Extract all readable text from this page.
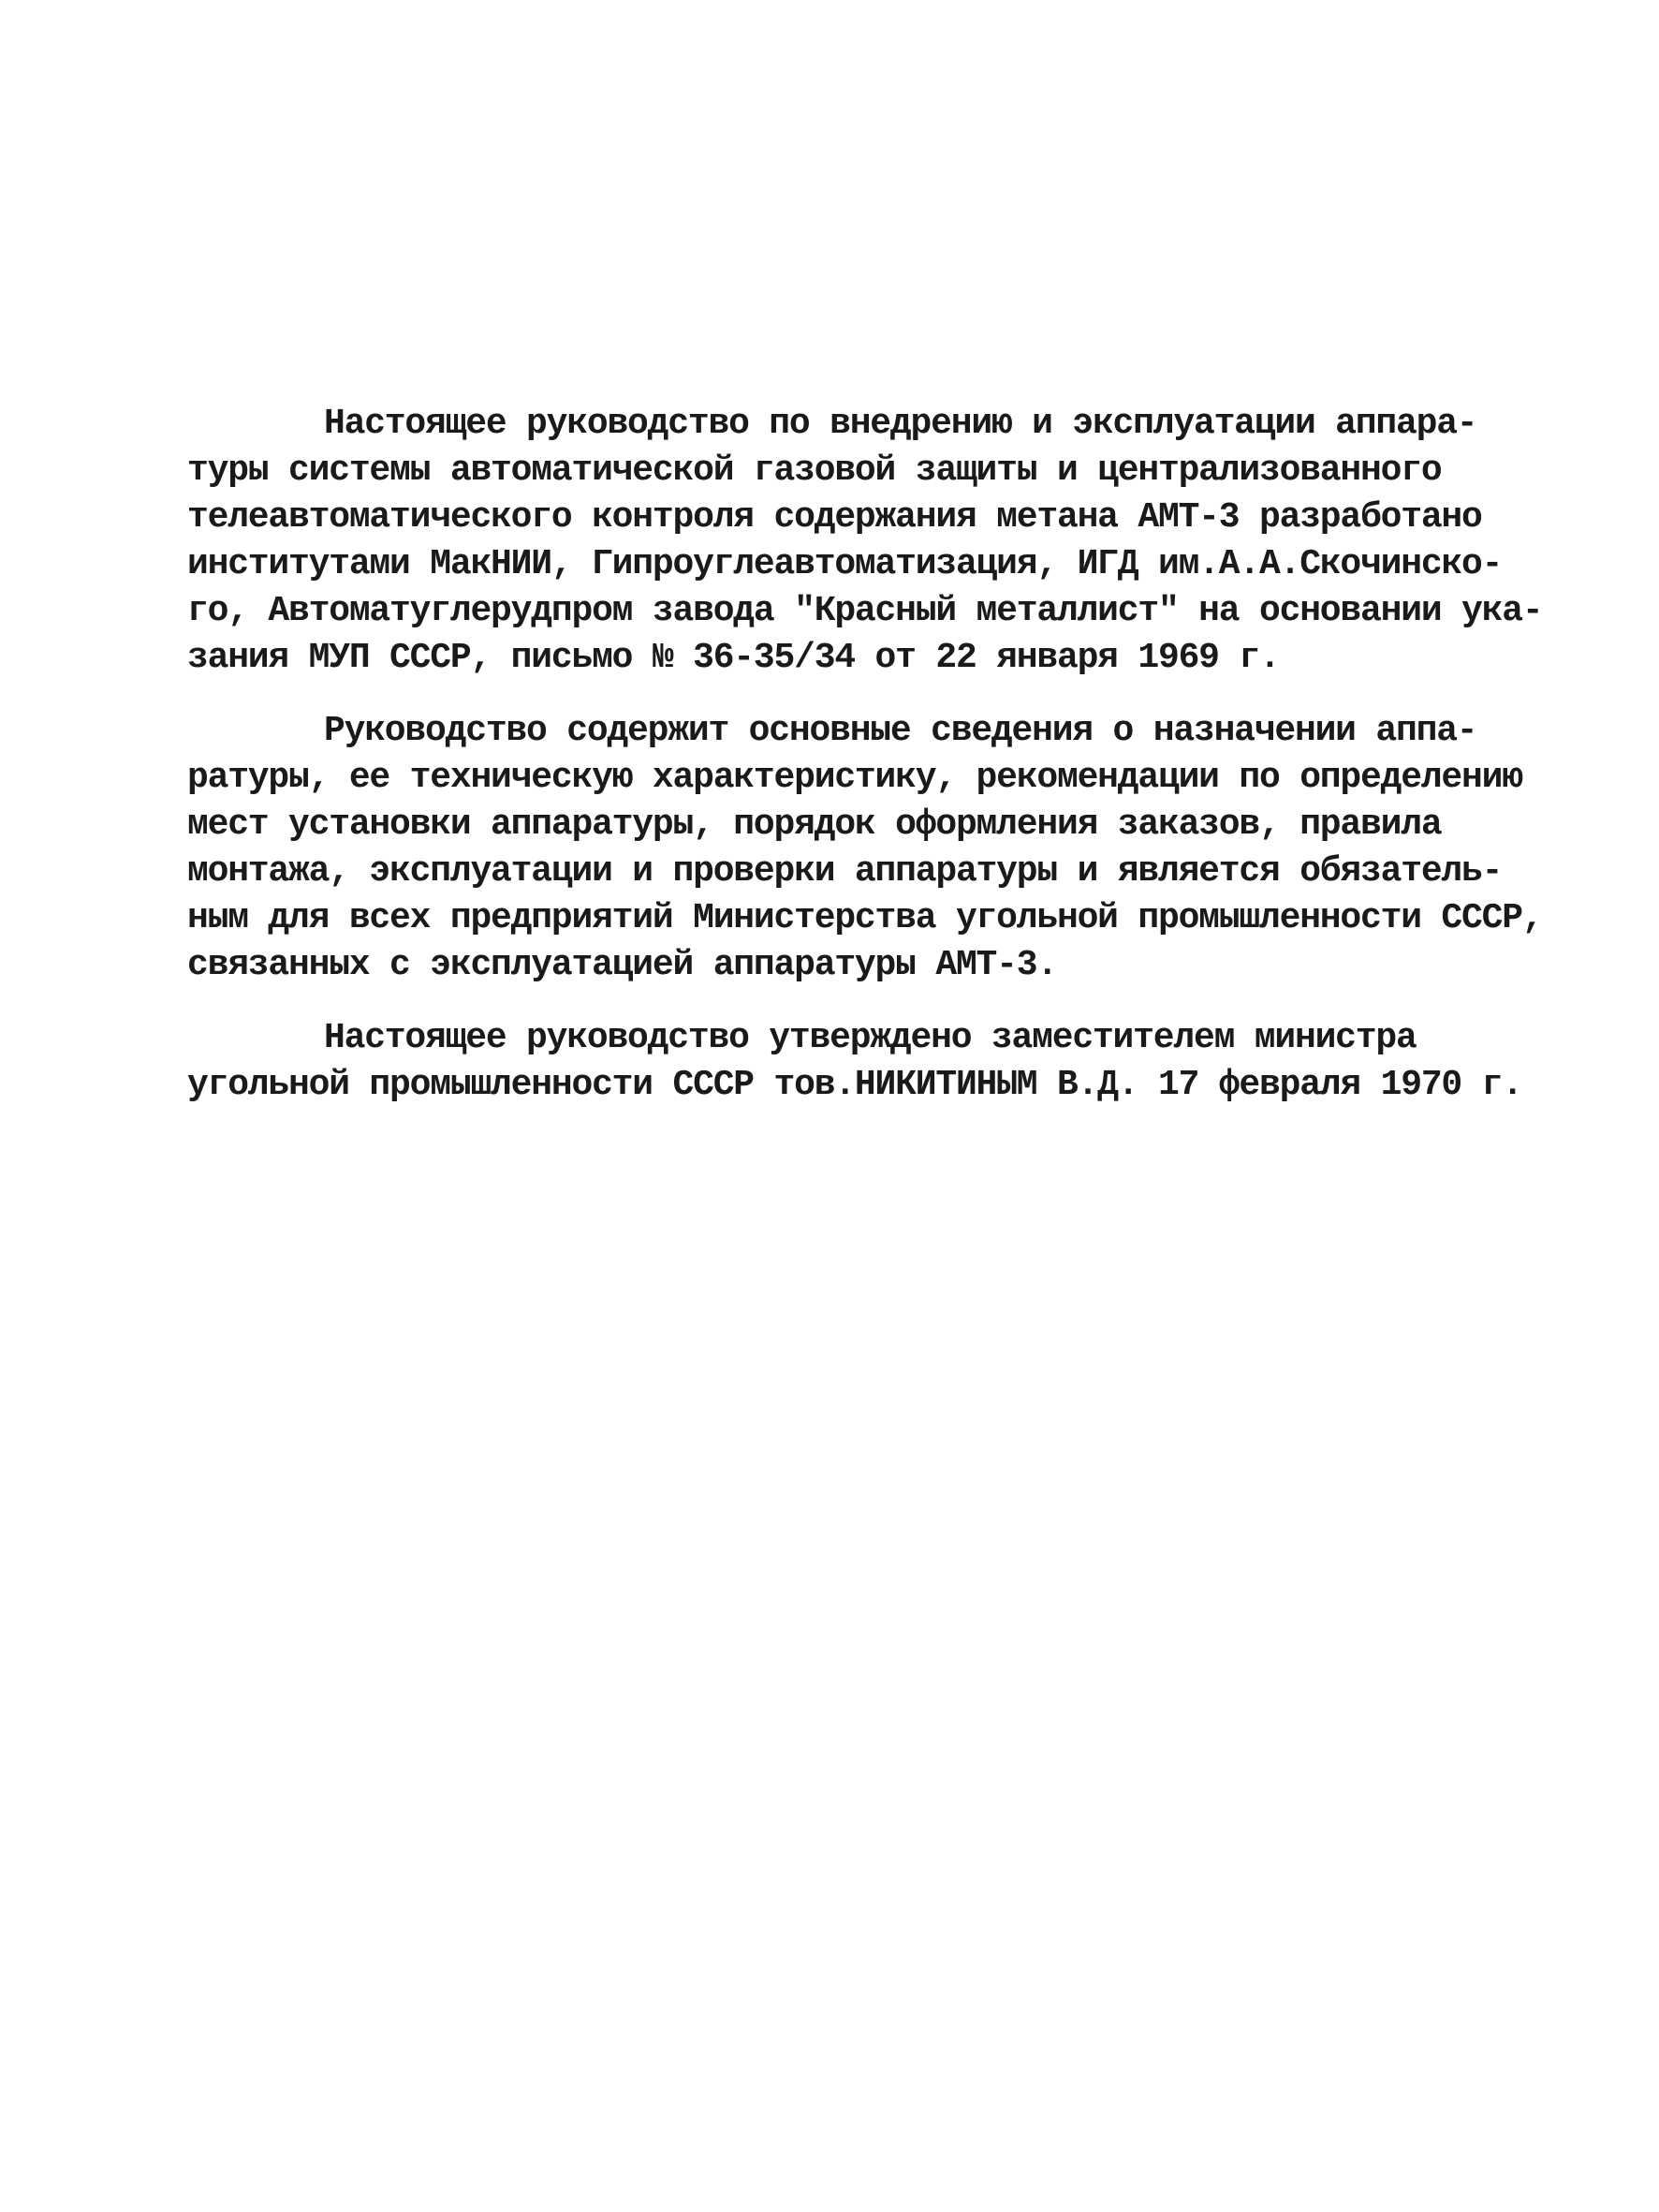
Настоящее руководство по внедрению и эксплуатации аппара-
туры системы автоматической газовой защиты и централизованного
телеавтоматического контроля содержания метана АМТ-3 разработано
институтами МакНИИ, Гипроуглеавтоматизация, ИГД им.А.А.Скочинско-
го, Автоматуглерудпром завода "Красный металлист" на основании ука-
зания МУП СССР, письмо № 36-35/34 от 22 января 1969 г.

Руководство содержит основные сведения о назначении аппа-
ратуры, ее техническую характеристику, рекомендации по определению
мест установки аппаратуры, порядок оформления заказов, правила
монтажа, эксплуатации и проверки аппаратуры и является обязатель-
ным для всех предприятий Министерства угольной промышленности СССР,
связанных с эксплуатацией аппаратуры АМТ-3.

Настоящее руководство утверждено заместителем министра
угольной промышленности СССР тов.НИКИТИНЫМ В.Д. 17 февраля 1970 г.
